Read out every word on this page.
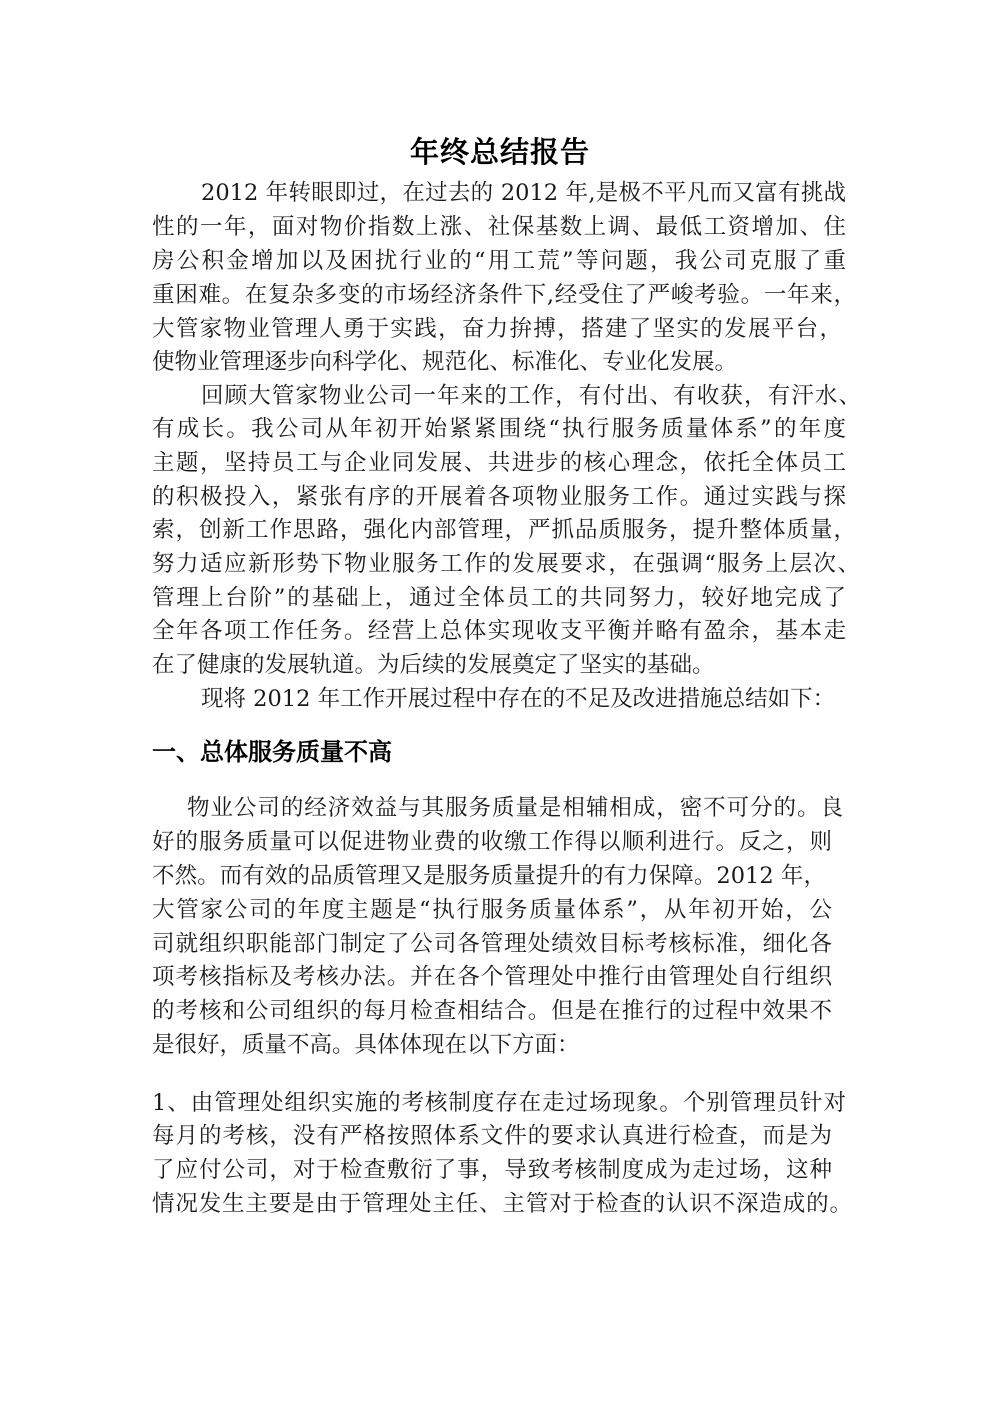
年终总结报告
2012 年转眼即过，在过去的 2012 年,是极不平凡而又富有挑战
性的一年，面对物价指数上涨、社保基数上调、最低工资增加、住
房公积金增加以及困扰行业的“用工荒”等问题，我公司克服了重
重困难。在复杂多变的市场经济条件下,经受住了严峻考验。一年来，
大管家物业管理人勇于实践，奋力拚搏，搭建了坚实的发展平台，
使物业管理逐步向科学化、规范化、标准化、专业化发展。
回顾大管家物业公司一年来的工作，有付出、有收获，有汗水、
有成长。我公司从年初开始紧紧围绕“执行服务质量体系”的年度
主题，坚持员工与企业同发展、共进步的核心理念，依托全体员工
的积极投入，紧张有序的开展着各项物业服务工作。通过实践与探
索，创新工作思路，强化内部管理，严抓品质服务，提升整体质量，
努力适应新形势下物业服务工作的发展要求，在强调“服务上层次、
管理上台阶”的基础上，通过全体员工的共同努力，较好地完成了
全年各项工作任务。经营上总体实现收支平衡并略有盈余，基本走
在了健康的发展轨道。为后续的发展奠定了坚实的基础。
现将 2012 年工作开展过程中存在的不足及改进措施总结如下：
一、总体服务质量不高
物业公司的经济效益与其服务质量是相辅相成，密不可分的。良
好的服务质量可以促进物业费的收缴工作得以顺利进行。反之，则
不然。而有效的品质管理又是服务质量提升的有力保障。2012 年，
大管家公司的年度主题是“执行服务质量体系”，从年初开始，公
司就组织职能部门制定了公司各管理处绩效目标考核标准，细化各
项考核指标及考核办法。并在各个管理处中推行由管理处自行组织
的考核和公司组织的每月检查相结合。但是在推行的过程中效果不
是很好，质量不高。具体体现在以下方面：
1、由管理处组织实施的考核制度存在走过场现象。个别管理员针对
每月的考核，没有严格按照体系文件的要求认真进行检查，而是为
了应付公司，对于检查敷衍了事，导致考核制度成为走过场，这种
情况发生主要是由于管理处主任、主管对于检查的认识不深造成的。
